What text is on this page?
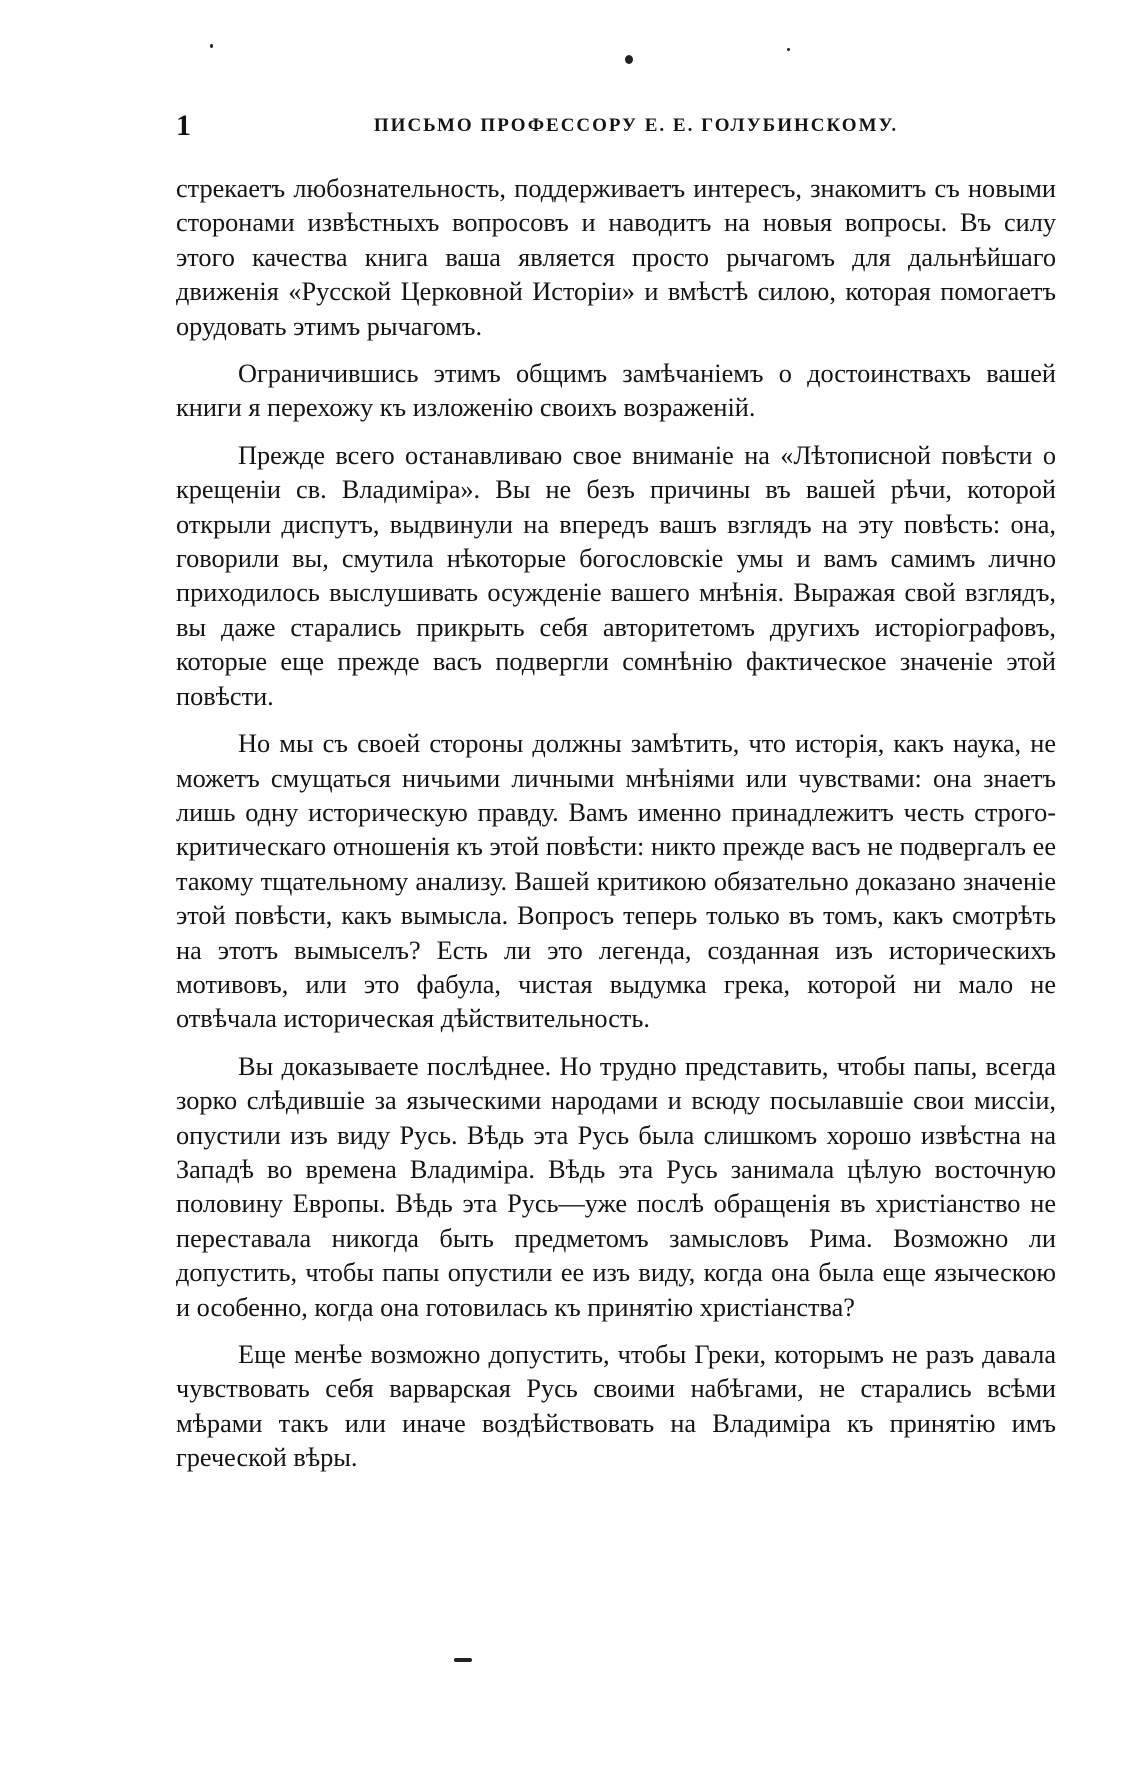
1	ПИСЬМО ПРОФЕССОРУ Е. Е. ГОЛУБИНСКОМУ.

стрекаетъ любознательность, поддерживаетъ интересъ, знакомитъ съ новыми сторонами извѣстныхъ вопросовъ и наводитъ на новыя вопросы. Въ силу этого качества книга ваша является просто рычагомъ для дальнѣйшаго движенія «Русской Церковной Исторіи» и вмѣстѣ силою, которая помогаетъ орудовать этимъ рычагомъ.

Ограничившись этимъ общимъ замѣчаніемъ о достоинствахъ вашей книги я перехожу къ изложенію своихъ возраженій.

Прежде всего останавливаю свое вниманіе на «Лѣтописной повѣсти о крещеніи св. Владиміра». Вы не безъ причины въ вашей рѣчи, которой открыли диспутъ, выдвинули на впередъ вашъ взглядъ на эту повѣсть: она, говорили вы, смутила нѣкоторые богословскіе умы и вамъ самимъ лично приходилось выслушивать осужденіе вашего мнѣнія. Выражая свой взглядъ, вы даже старались прикрыть себя авторитетомъ другихъ исторіографовъ, которые еще прежде васъ подвергли сомнѣнію фактическое значеніе этой повѣсти.

Но мы съ своей стороны должны замѣтить, что исторія, какъ наука, не можетъ смущаться ничьими личными мнѣніями или чувствами: она знаетъ лишь одну историческую правду. Вамъ именно принадлежитъ честь строго-критическаго отношенія къ этой повѣсти: никто прежде васъ не подвергалъ ее такому тщательному анализу. Вашей критикою обязательно доказано значеніе этой повѣсти, какъ вымысла. Вопросъ теперь только въ томъ, какъ смотрѣть на этотъ вымыселъ? Есть ли это легенда, созданная изъ историческихъ мотивовъ, или это фабула, чистая выдумка грека, которой ни мало не отвѣчала историческая дѣйствительность.

Вы доказываете послѣднее. Но трудно представить, чтобы папы, всегда зорко слѣдившіе за языческими народами и всюду посылавшіе свои миссіи, опустили изъ виду Русь. Вѣдь эта Русь была слишкомъ хорошо извѣстна на Западѣ во времена Владиміра. Вѣдь эта Русь занимала цѣлую восточную половину Европы. Вѣдь эта Русь—уже послѣ обращенія въ христіанство не переставала никогда быть предметомъ замысловъ Рима. Возможно ли допустить, чтобы папы опустили ее изъ виду, когда она была еще языческою и особенно, когда она готовилась къ принятію христіанства?

Еще менѣе возможно допустить, чтобы Греки, которымъ не разъ давала чувствовать себя варварская Русь своими набѣгами, не старались всѣми мѣрами такъ или иначе воздѣйствовать на Владиміра къ принятію имъ греческой вѣры.
